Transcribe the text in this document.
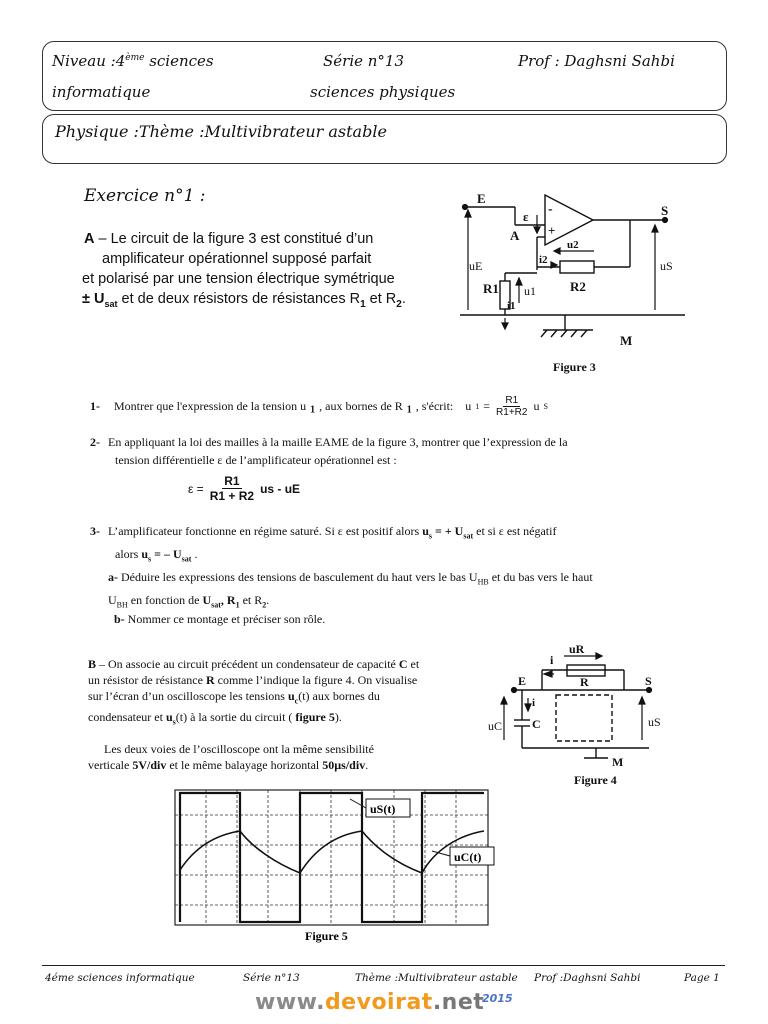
Niveau :4ème sciences
informatique
Série n°13
sciences physiques
Prof : Daghsni Sahbi
Physique :Thème :Multivibrateur astable
Exercice n°1 :
A – Le circuit de la figure 3 est constitué d’un
amplificateur opérationnel supposé parfait
et polarisé par une tension électrique symétrique
± $U_{sat}$ et de deux résistors de résistances $R_1$ et $R_2$.
E
S
A
ε -
+
i2
u2
R2
R1 u1
i1
uE	uS
M
Figure 3
1- Montrer que l'expression de la tension u $_1$ , aux bornes de R $_1$ , s'écrit: u $1 = \frac{R1}{R1+R2}$ u S
2- En appliquant la loi des mailles à la maille EAME de la figure 3, montrer que l’expression de la
tension différentielle ε de l’amplificateur opérationnel est :
$\varepsilon = \frac{R1}{R1 + R2}$ us - uE
3- L’amplificateur fonctionne en régime saturé. Si ε est positif alors $u_s$ = + $U_{sat}$ et si ε est négatif
alors $u_s$ = – $U_{sat}$ .
a- Déduire les expressions des tensions de basculement du haut vers le bas $U_{HB}$ et du bas vers le haut
$U_{BH}$ en fonction de $U_{sat}$, $R_1$ et $R_2$.
b- Nommer ce montage et préciser son rôle.
B – On associe au circuit précédent un condensateur de capacité C et
un résistor de résistance R comme l’indique la figure 4. On visualise
sur l’écran d’un oscilloscope les tensions $u_c(t)$ aux bornes du
condensateur et $u_s(t)$ à la sortie du circuit ( figure 5).
Les deux voies de l’oscilloscope ont la même sensibilité
verticale 5V/div et le même balayage horizontal 50µs/div.
uR
i
R
E	S
i
C
uC	uS
M
Figure 4
uS(t)
uC(t)
Figure 5
4éme sciences informatique	Série n°13	Thème :Multivibrateur astable Prof :Daghsni Sahbi	Page 1
www.devoirat.net
2015
